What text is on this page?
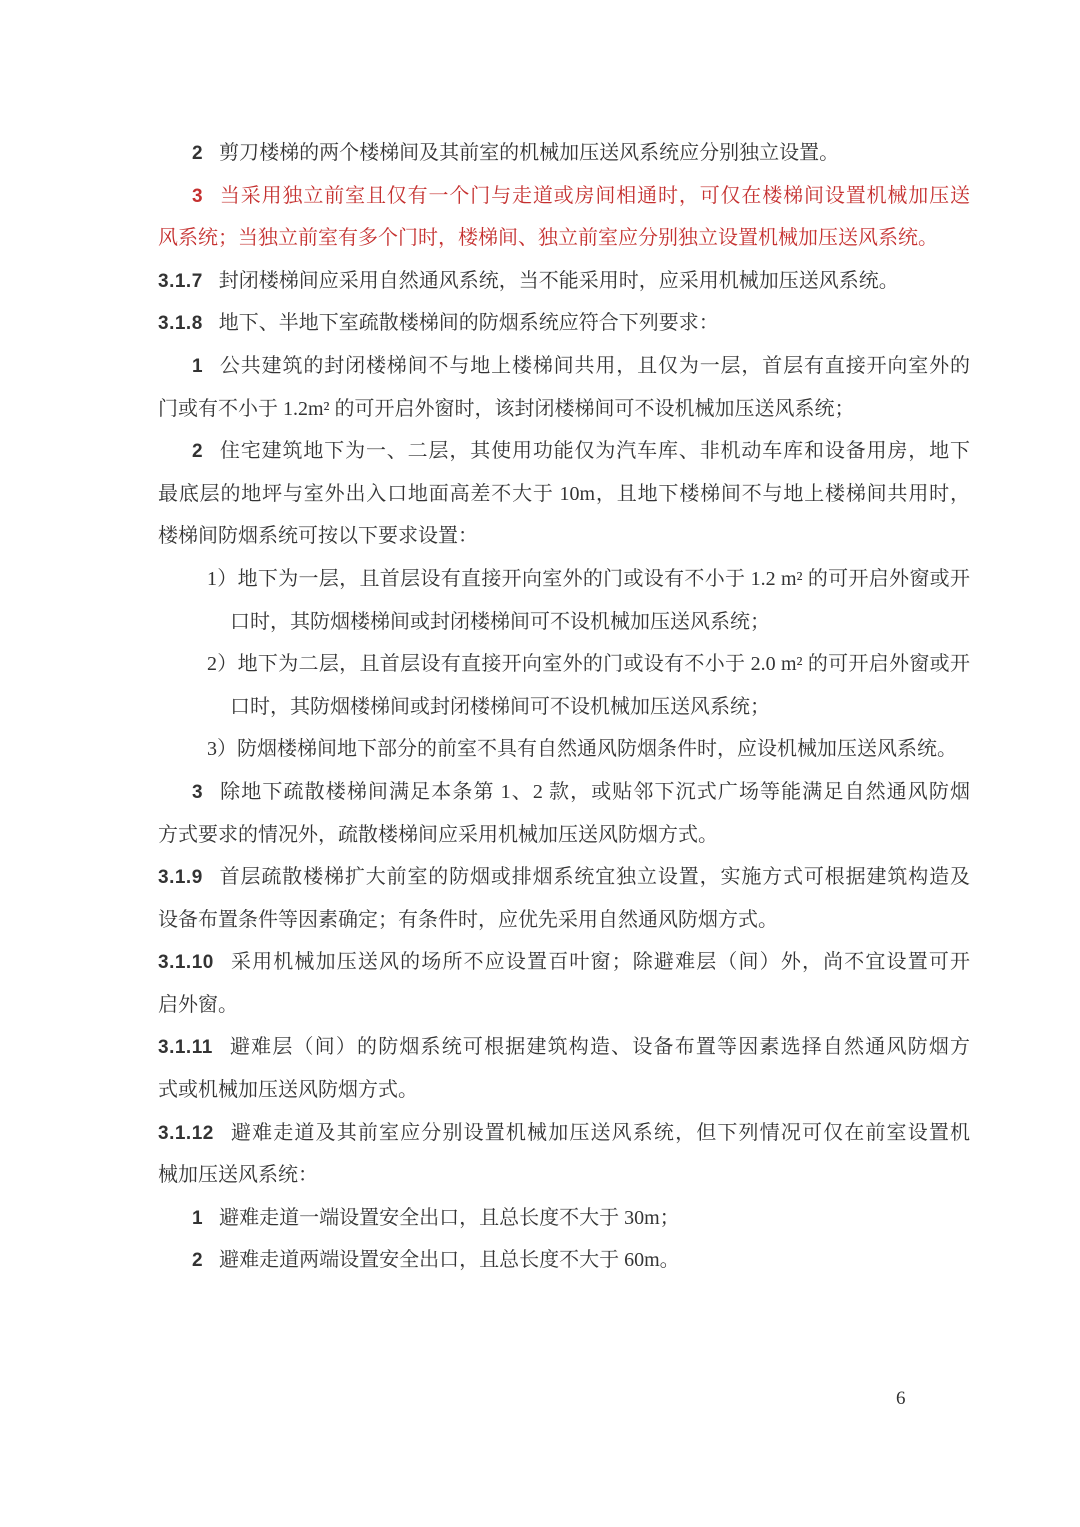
2 剪刀楼梯的两个楼梯间及其前室的机械加压送风系统应分别独立设置。
3 当采用独立前室且仅有一个门与走道或房间相通时，可仅在楼梯间设置机械加压送
风系统；当独立前室有多个门时，楼梯间、独立前室应分别独立设置机械加压送风系统。
3.1.7 封闭楼梯间应采用自然通风系统，当不能采用时，应采用机械加压送风系统。
3.1.8 地下、半地下室疏散楼梯间的防烟系统应符合下列要求：
1 公共建筑的封闭楼梯间不与地上楼梯间共用，且仅为一层，首层有直接开向室外的
门或有不小于 1.2m² 的可开启外窗时，该封闭楼梯间可不设机械加压送风系统；
2 住宅建筑地下为一、二层，其使用功能仅为汽车库、非机动车库和设备用房，地下
最底层的地坪与室外出入口地面高差不大于 10m，且地下楼梯间不与地上楼梯间共用时，
楼梯间防烟系统可按以下要求设置：
1）地下为一层，且首层设有直接开向室外的门或设有不小于 1.2 m² 的可开启外窗或开
口时，其防烟楼梯间或封闭楼梯间可不设机械加压送风系统；
2）地下为二层，且首层设有直接开向室外的门或设有不小于 2.0 m² 的可开启外窗或开
口时，其防烟楼梯间或封闭楼梯间可不设机械加压送风系统；
3）防烟楼梯间地下部分的前室不具有自然通风防烟条件时，应设机械加压送风系统。
3 除地下疏散楼梯间满足本条第 1、2 款，或贴邻下沉式广场等能满足自然通风防烟
方式要求的情况外，疏散楼梯间应采用机械加压送风防烟方式。
3.1.9 首层疏散楼梯扩大前室的防烟或排烟系统宜独立设置，实施方式可根据建筑构造及
设备布置条件等因素确定；有条件时，应优先采用自然通风防烟方式。
3.1.10 采用机械加压送风的场所不应设置百叶窗；除避难层（间）外，尚不宜设置可开
启外窗。
3.1.11 避难层（间）的防烟系统可根据建筑构造、设备布置等因素选择自然通风防烟方
式或机械加压送风防烟方式。
3.1.12 避难走道及其前室应分别设置机械加压送风系统，但下列情况可仅在前室设置机
械加压送风系统：
1 避难走道一端设置安全出口，且总长度不大于 30m；
2 避难走道两端设置安全出口，且总长度不大于 60m。
6
